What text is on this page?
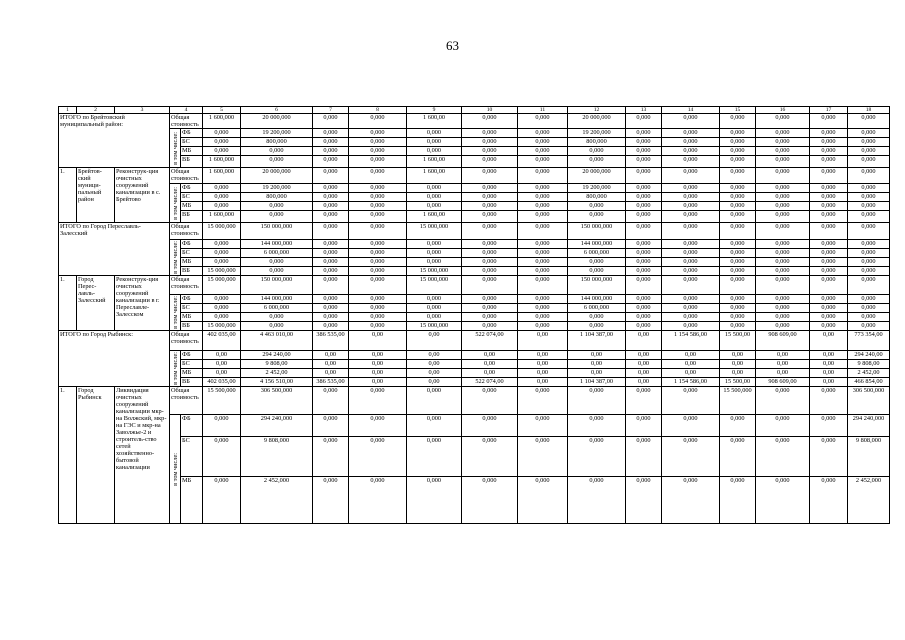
63
1	2	3	4		5	6	7	8	9	10	11	12	13	14	15	16	17	18
ИТОГО по Брейтовский муниципальный район:			Общая стоимость		1 600,000	20 000,000	0,000	0,000	1 600,00	0,000	0,000	20 000,000	0,000	0,000	0,000	0,000	0,000	0,000

			в том числе:	ФБ	0,000	19 200,000	0,000	0,000	0,000	0,000	0,000	19 200,000	0,000	0,000	0,000	0,000	0,000	0,000
				БС	0,000	800,000	0,000	0,000	0,000	0,000	0,000	800,000	0,000	0,000	0,000	0,000	0,000	0,000
				МБ	0,000	0,000	0,000	0,000	0,000	0,000	0,000	0,000	0,000	0,000	0,000	0,000	0,000	0,000
				ВБ	1 600,000	0,000	0,000	0,000	1 600,00	0,000	0,000	0,000	0,000	0,000	0,000	0,000	0,000	0,000
1.	Брейтов-ский муници-пальный район	Реконструк-ция очистных сооружений канализации в с. Брейтово	Общая стоимость		1 600,000	20 000,000	0,000	0,000	1 600,00	0,000	0,000	20 000,000	0,000	0,000	0,000	0,000	0,000	0,000

			в том числе:	ФБ	0,000	19 200,000	0,000	0,000	0,000	0,000	0,000	19 200,000	0,000	0,000	0,000	0,000	0,000	0,000
				БС	0,000	800,000	0,000	0,000	0,000	0,000	0,000	800,000	0,000	0,000	0,000	0,000	0,000	0,000
				МБ	0,000	0,000	0,000	0,000	0,000	0,000	0,000	0,000	0,000	0,000	0,000	0,000	0,000	0,000
				ВБ	1 600,000	0,000	0,000	0,000	1 600,00	0,000	0,000	0,000	0,000	0,000	0,000	0,000	0,000	0,000
ИТОГО по Город Переславль-Залесский			Общая стоимость		15 000,000	150 000,000	0,000	0,000	15 000,000	0,000	0,000	150 000,000	0,000	0,000	0,000	0,000	0,000	0,000

			в том числе:	ФБ	0,000	144 000,000	0,000	0,000	0,000	0,000	0,000	144 000,000	0,000	0,000	0,000	0,000	0,000	0,000
				БС	0,000	6 000,000	0,000	0,000	0,000	0,000	0,000	6 000,000	0,000	0,000	0,000	0,000	0,000	0,000
				МБ	0,000	0,000	0,000	0,000	0,000	0,000	0,000	0,000	0,000	0,000	0,000	0,000	0,000	0,000
				ВБ	15 000,000	0,000	0,000	0,000	15 000,000	0,000	0,000	0,000	0,000	0,000	0,000	0,000	0,000	0,000
1.	Город Перес-лавль-Залесский	Реконструк-ция очистных сооружений канализации в г. Переславле-Залесском	Общая стоимость		15 000,000	150 000,000	0,000	0,000	15 000,000	0,000	0,000	150 000,000	0,000	0,000	0,000	0,000	0,000	0,000

			в том числе:	ФБ	0,000	144 000,000	0,000	0,000	0,000	0,000	0,000	144 000,000	0,000	0,000	0,000	0,000	0,000	0,000
				БС	0,000	6 000,000	0,000	0,000	0,000	0,000	0,000	6 000,000	0,000	0,000	0,000	0,000	0,000	0,000
				МБ	0,000	0,000	0,000	0,000	0,000	0,000	0,000	0,000	0,000	0,000	0,000	0,000	0,000	0,000
				ВБ	15 000,000	0,000	0,000	0,000	15 000,000	0,000	0,000	0,000	0,000	0,000	0,000	0,000	0,000	0,000
ИТОГО по Город Рыбинск:			Общая стоимость		402 035,00	4 463 010,00	386 535,00	0,00	0,00	522 074,00	0,00	1 104 387,00	0,00	1 154 586,00	15 500,00	908 609,00	0,00	773 354,00

			в том числе:	ФБ	0,00	294 240,00	0,00	0,00	0,00	0,00	0,00	0,00	0,00	0,00	0,00	0,00	0,00	294 240,00
				БС	0,00	9 808,00	0,00	0,00	0,00	0,00	0,00	0,00	0,00	0,00	0,00	0,00	0,00	9 808,00
				МБ	0,00	2 452,00	0,00	0,00	0,00	0,00	0,00	0,00	0,00	0,00	0,00	0,00	0,00	2 452,00
				ВБ	402 035,00	4 156 510,00	386 535,00	0,00	0,00	522 074,00	0,00	1 104 387,00	0,00	1 154 586,00	15 500,00	908 609,00	0,00	466 854,00
1.	Город Рыбинск	Ликвидация очистных сооружений канализации мкр-на Волжский, мкр-на ГЭС и мкр-на Заволжье-2 и строитель-ство сетей хозяйственно-бытовой канализации	Общая стоимость		15 500,000	306 500,000	0,000	0,000	0,000	0,000	0,000	0,000	0,000	0,000	15 500,000	0,000	0,000	306 500,000

			в том числе:	ФБ	0,000	294 240,000	0,000	0,000	0,000	0,000	0,000	0,000	0,000	0,000	0,000	0,000	0,000	294 240,000
				БС	0,000	9 808,000	0,000	0,000	0,000	0,000	0,000	0,000	0,000	0,000	0,000	0,000	0,000	9 808,000
				МБ	0,000	2 452,000	0,000	0,000	0,000	0,000	0,000	0,000	0,000	0,000	0,000	0,000	0,000	2 452,000
